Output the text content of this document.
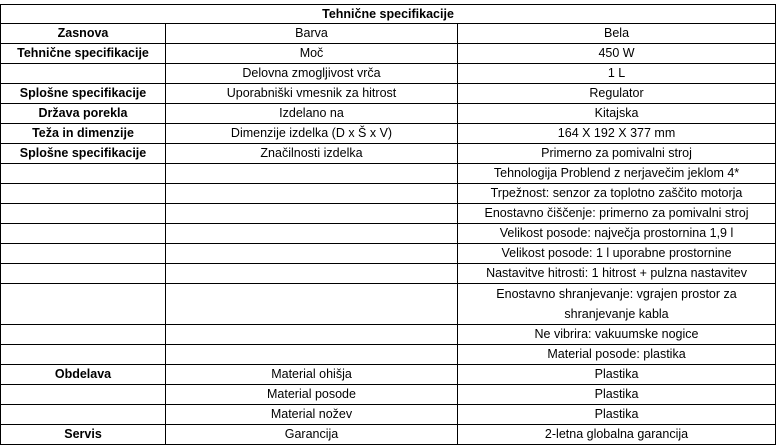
Tehnične specifikacije		
Zasnova	Barva	Bela
Tehnične specifikacije	Moč	450 W
	Delovna zmogljivost vrča	1 L
Splošne specifikacije	Uporabniški vmesnik za hitrost	Regulator
Država porekla	Izdelano na	Kitajska
Teža in dimenzije	Dimenzije izdelka (D x Š x V)	164 X 192 X 377 mm
Splošne specifikacije	Značilnosti izdelka	Primerno za pomivalni stroj
		Tehnologija Problend z nerjavečim jeklom 4*
		Trpežnost: senzor za toplotno zaščito motorja
		Enostavno čiščenje: primerno za pomivalni stroj
		Velikost posode: največja prostornina 1,9 l
		Velikost posode: 1 l uporabne prostornine
		Nastavitve hitrosti: 1 hitrost + pulzna nastavitev
		Enostavno shranjevanje: vgrajen prostor za shranjevanje kabla
		Ne vibrira: vakuumske nogice
		Material posode: plastika
Obdelava	Material ohišja	Plastika
	Material posode	Plastika
	Material nožev	Plastika
Servis	Garancija	2-letna globalna garancija
